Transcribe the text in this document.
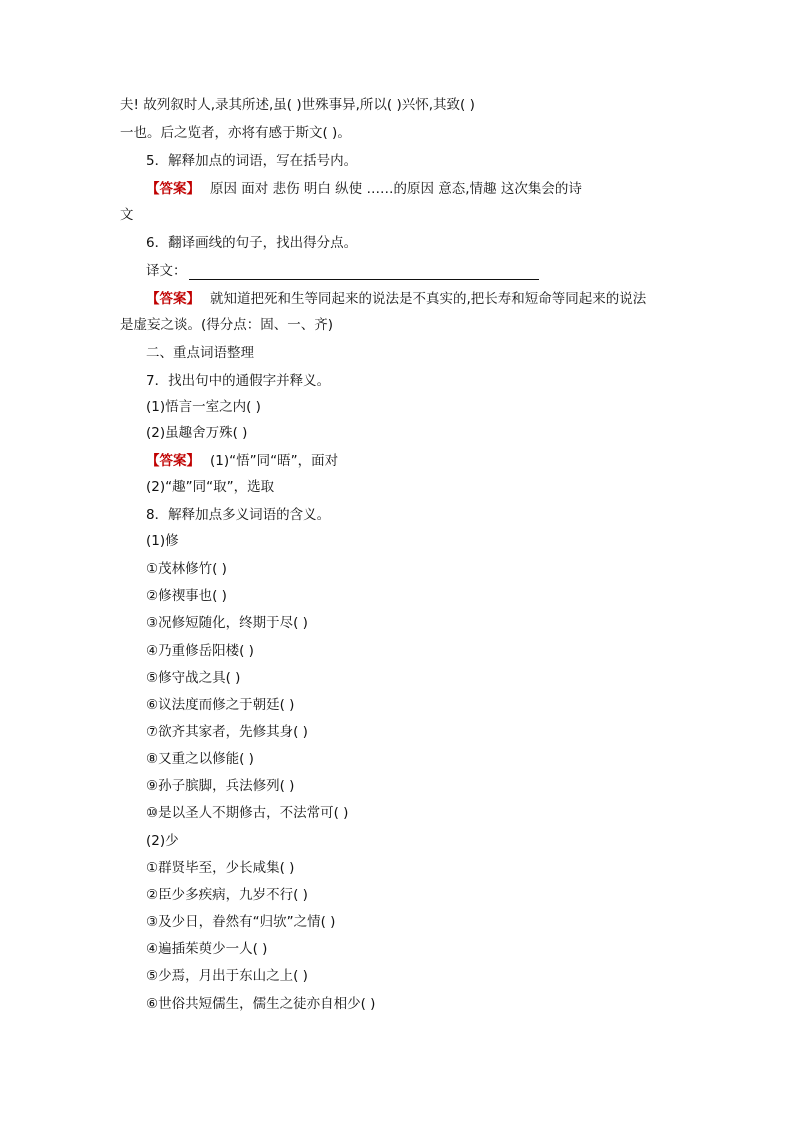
夫! 故列叙时人,录其所述,虽( )世殊事异,所以( )兴怀,其致( )
一也。后之览者，亦将有感于斯文( )。
5．解释加点的词语，写在括号内。
【答案】 原因 面对 悲伤 明白 纵使 ……的原因 意态,情趣 这次集会的诗
文
6．翻译画线的句子，找出得分点。
译文：
【答案】 就知道把死和生等同起来的说法是不真实的,把长寿和短命等同起来的说法
是虚妄之谈。(得分点：固、一、齐)
二、重点词语整理
7．找出句中的通假字并释义。
(1)悟言一室之内( )
(2)虽趣舍万殊( )
【答案】 (1)“悟”同“晤”，面对
(2)“趣”同“取”，选取
8．解释加点多义词语的含义。
(1)修
①茂林修竹( )
②修禊事也( )
③况修短随化，终期于尽( )
④乃重修岳阳楼( )
⑤修守战之具( )
⑥议法度而修之于朝廷( )
⑦欲齐其家者，先修其身( )
⑧又重之以修能( )
⑨孙子膑脚，兵法修列( )
⑩是以圣人不期修古，不法常可( )
(2)少
①群贤毕至，少长咸集( )
②臣少多疾病，九岁不行( )
③及少日，眷然有“归欤”之情( )
④遍插茱萸少一人( )
⑤少焉，月出于东山之上( )
⑥世俗共短儒生，儒生之徒亦自相少( )
